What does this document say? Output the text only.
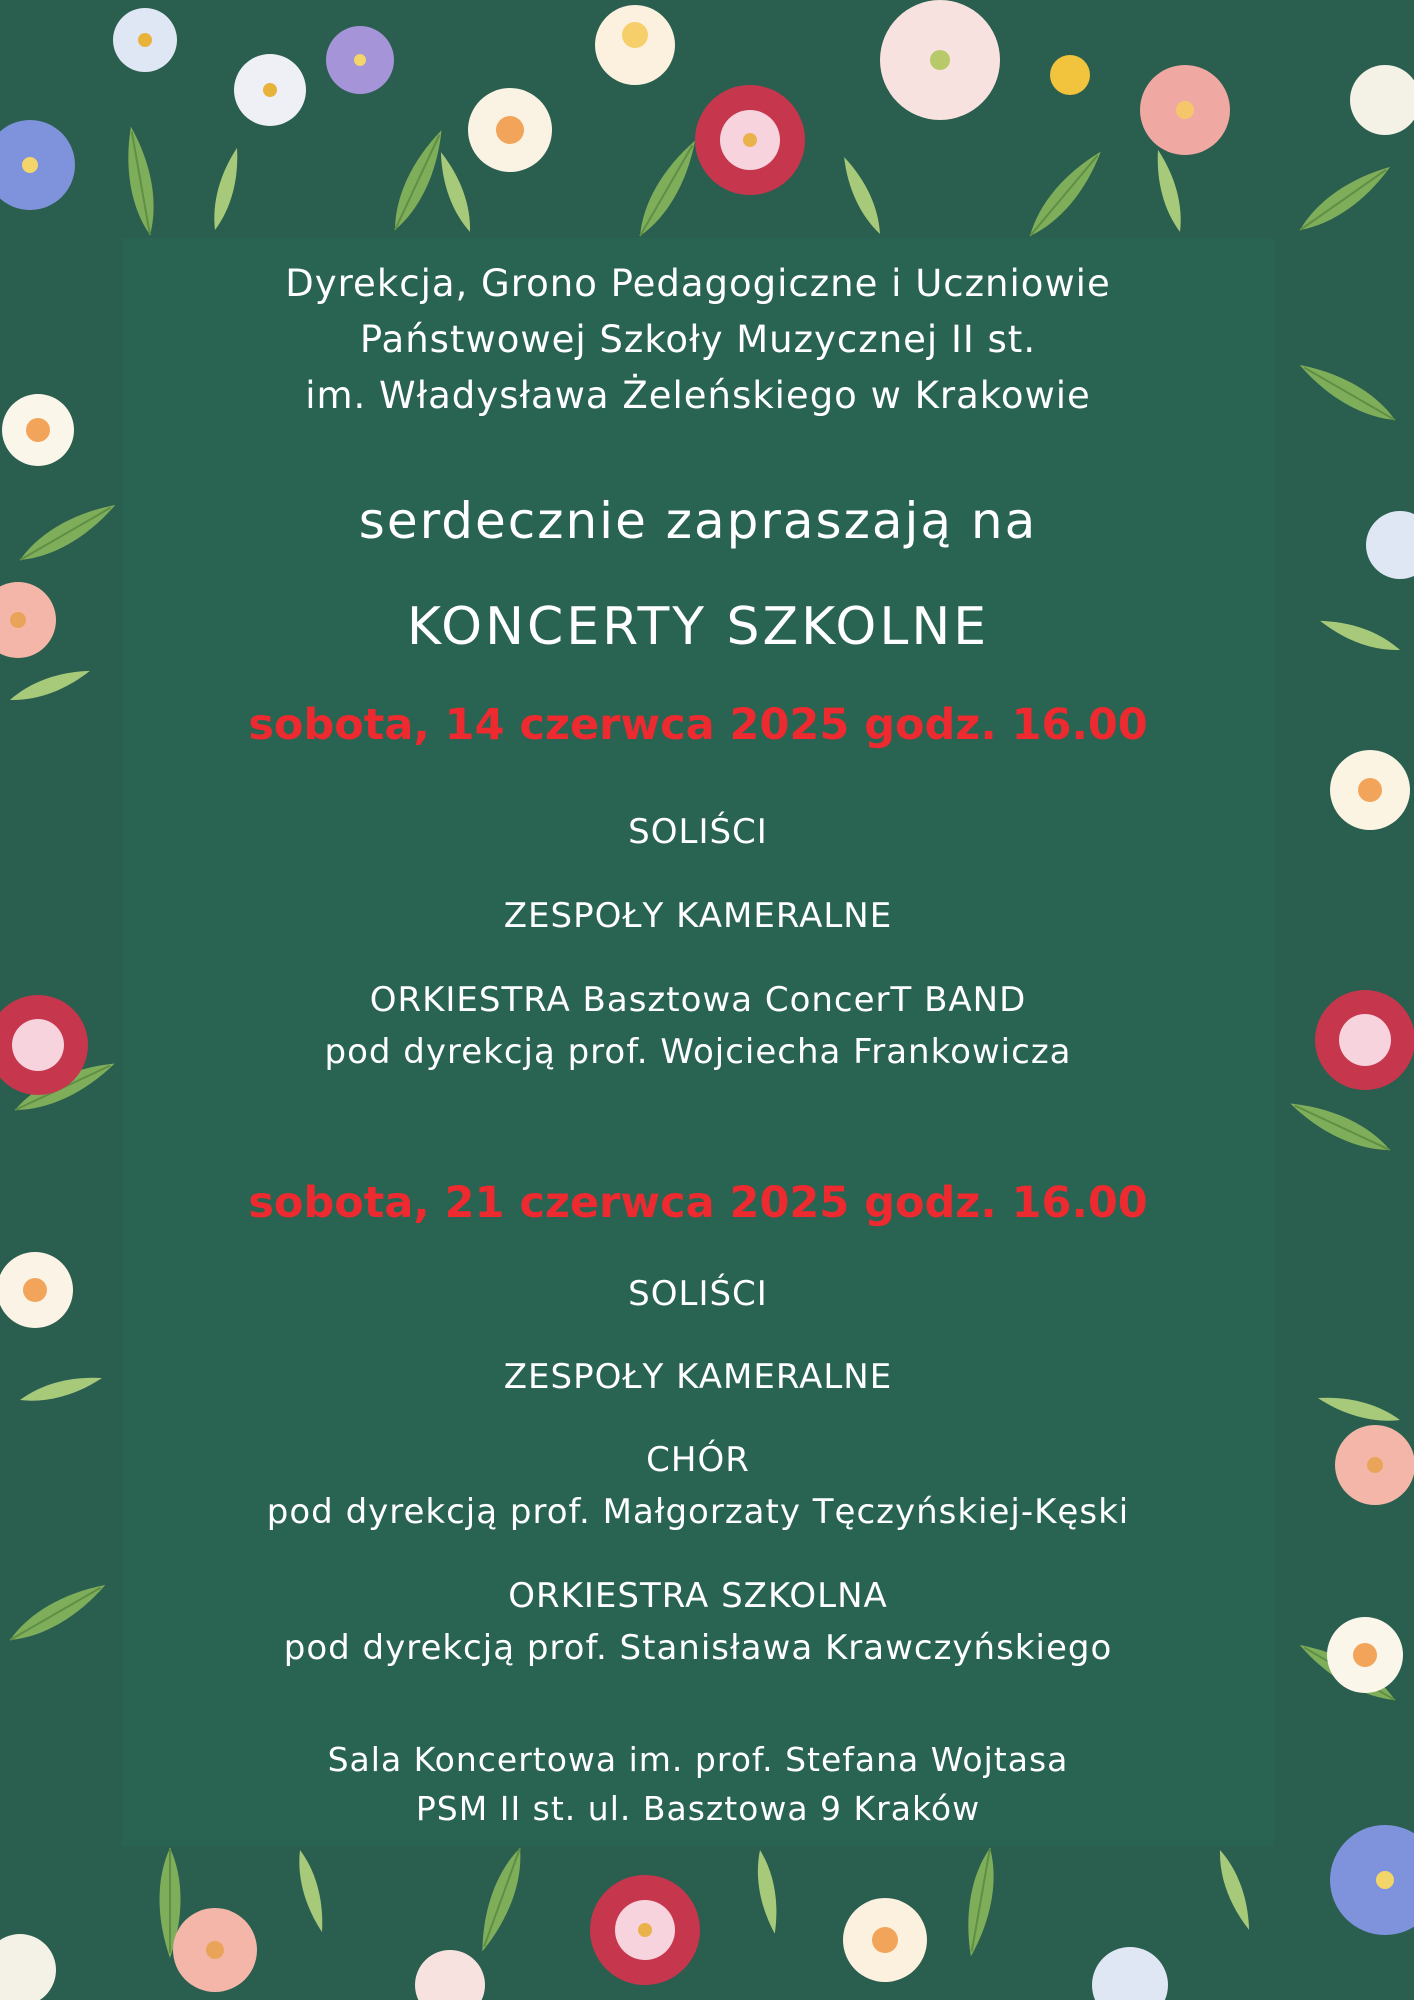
Dyrekcja, Grono Pedagogiczne i Uczniowie
Państwowej Szkoły Muzycznej II st.
im. Władysława Żeleńskiego w Krakowie
serdecznie zapraszają na
KONCERTY SZKOLNE
sobota, 14 czerwca 2025 godz. 16.00
SOLIŚCI
ZESPOŁY KAMERALNE
ORKIESTRA Basztowa ConcerT BAND
pod dyrekcją prof. Wojciecha Frankowicza
sobota, 21 czerwca 2025 godz. 16.00
SOLIŚCI
ZESPOŁY KAMERALNE
CHÓR
pod dyrekcją prof. Małgorzaty Tęczyńskiej-Kęski
ORKIESTRA SZKOLNA
pod dyrekcją prof. Stanisława Krawczyńskiego
Sala Koncertowa im. prof. Stefana Wojtasa
PSM II st. ul. Basztowa 9 Kraków
